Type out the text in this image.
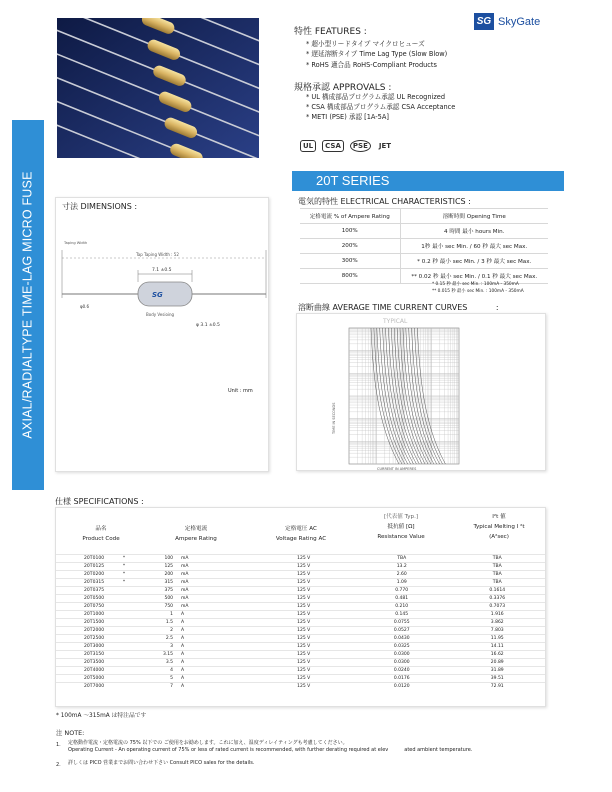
AXIAL/RADIALTYPE TIME-LAG MICRO FUSE
SG SkyGate
特性 FEATURES :
* 超小型リードタイプ マイクロヒューズ
* 遅延溶断タイプ Time Lag Type (Slow Blow)
* RoHS 適合品 RoHS-Compliant Products
規格承認 APPROVALS :
* UL 構成部品プログラム承認 UL Recognized
* CSA 構成部品プログラム承認 CSA Acceptance
* METI (PSE) 承認 [1A-5A]
UL	CSA	PSE	JET
20T SERIES
寸法 DIMENSIONS :
SG
Taping Width
Tap Taping Width : 52
7.1 ±0.5
φ0.6
Body Vesioing
φ 3.1 ±0.5
Unit : mm
電気的特性 ELECTRICAL CHARACTERISTICS :
定格電流 % of Ampere Rating	溶断時間 Opening Time
100%	4 時間 最小 hours Min.
200%	1秒 最小 sec Min. / 60 秒 最大 sec Max.
300%	* 0.2 秒 最小 sec Min. / 3 秒 最大 sec Max.
800%	** 0.02 秒 最小 sec Min. / 0.1 秒 最大 sec Max.
* 0.15 秒 最小 sec Min. : 100mA - 350mA
** 0.015 秒 最小 sec Min. : 100mA - 350mA
溶断曲線 AVERAGE TIME CURRENT CURVES	:
TYPICAL
TIME IN SECONDS
CURRENT IN AMPERES
仕様 SPECIFICATIONS :
品名
Product Code
定格電流
Ampere Rating
定格電圧 AC
Voltage Rating AC
[代表値 Typ.]
抵抗値 [Ω]
Resistance Value
I²t 値
Typical Melting I ²t
(A²sec)
20T	0100	*	100	mA	125 V	TBA	TBA
20T	0125	*	125	mA	125 V	13.2	TBA
20T	0200	*	200	mA	125 V	2.60	TBA
20T	0315	*	315	mA	125 V	1.09	TBA
20T	0375		375	mA	125 V	0.770	0.1614
20T	0500		500	mA	125 V	0.481	0.3376
20T	0750		750	mA	125 V	0.210	0.7073
20T	1000		1	A	125 V	0.145	1.916
20T	1500		1.5	A	125 V	0.0755	3.862
20T	2000		2	A	125 V	0.0527	7.803
20T	2500		2.5	A	125 V	0.0430	11.95
20T	3000		3	A	125 V	0.0325	14.11
20T	3150		3.15	A	125 V	0.0300	16.62
20T	3500		3.5	A	125 V	0.0300	20.89
20T	4000		4	A	125 V	0.0240	31.89
20T	5000		5	A	125 V	0.0176	39.51
20T	7000		7	A	125 V	0.0120	72.91
* 100mA 〜315mA は特注品です
注 NOTE:
1. 定格動作電流・定格電流の 75% 以下での ご使用をお勧めします。これに加え、温度ディレイティングも考慮してください。
Operating Current - An operating current of 75% or less of rated current is recommended, with further derating required at elev	ated ambient temperature.
2. 詳しくは PICO 営業までお問い合わせ下さい Consult PICO sales for the details.
